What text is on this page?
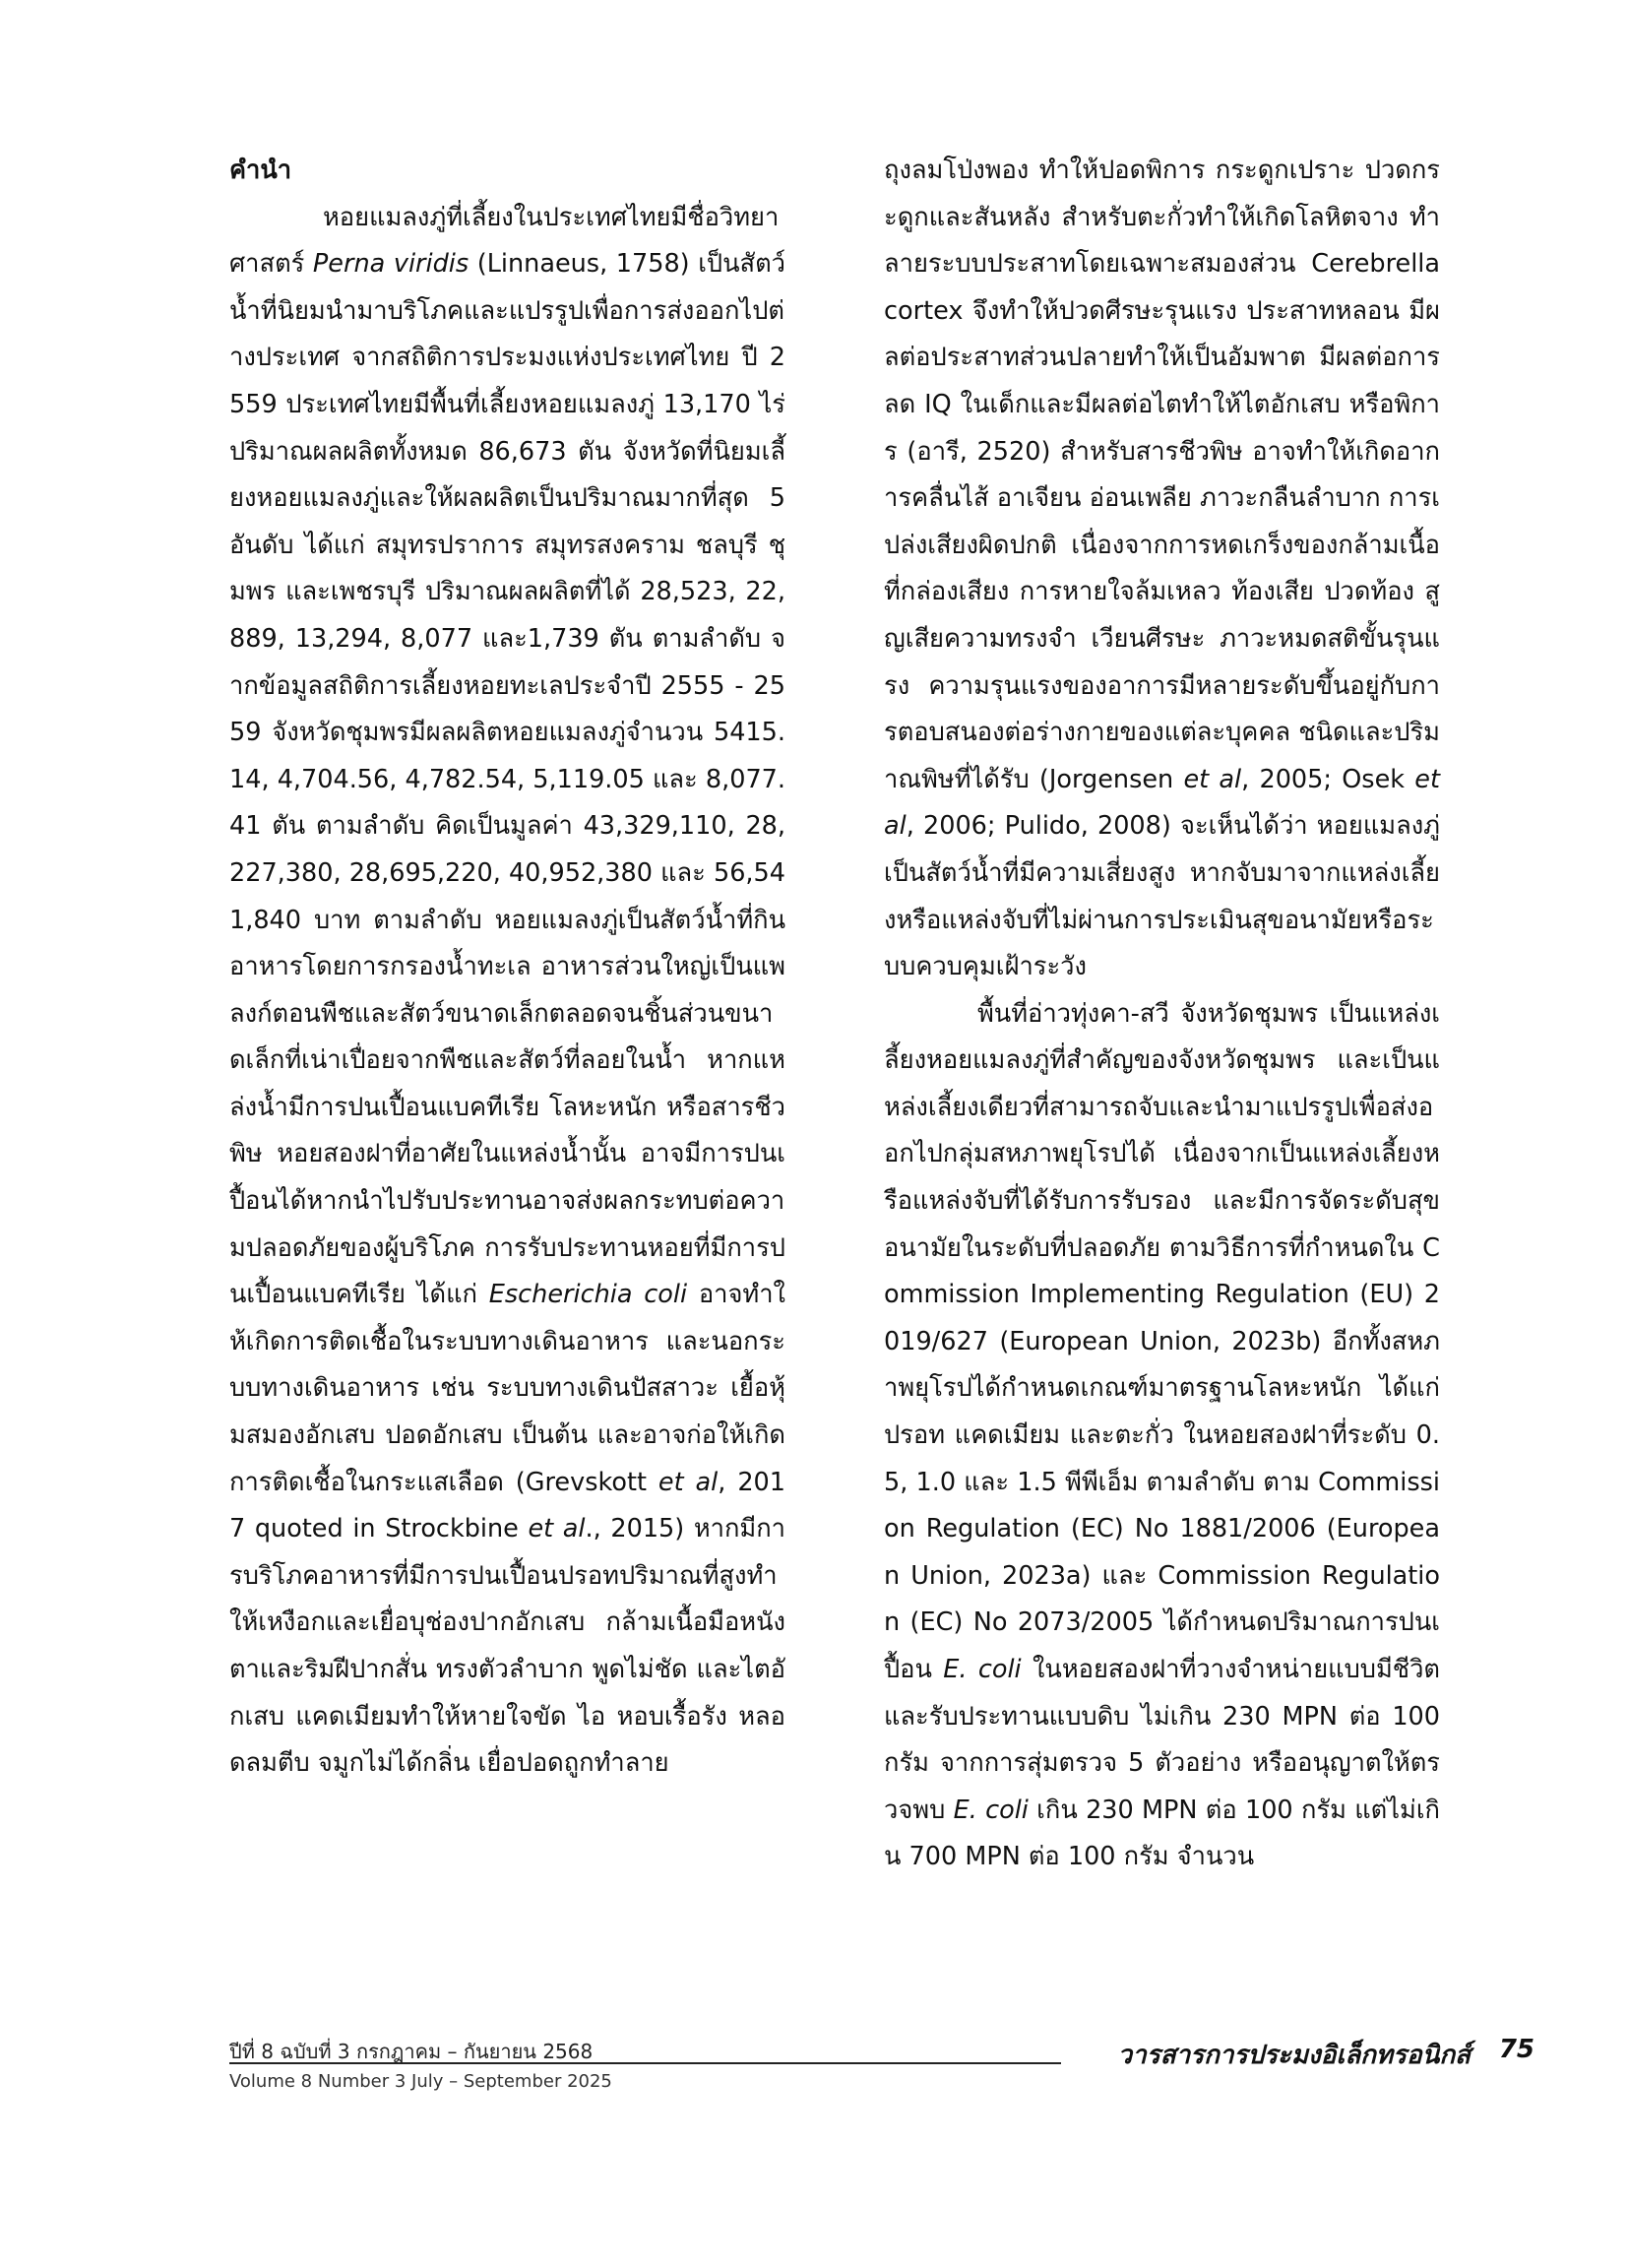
คำนำ

หอยแมลงภู่ที่เลี้ยงในประเทศไทยมีชื่อวิทยาศาสตร์ Perna viridis (Linnaeus, 1758) เป็นสัตว์น้ำที่นิยมนำมาบริโภคและแปรรูปเพื่อการส่งออกไปต่างประเทศ จากสถิติการประมงแห่งประเทศไทย ปี 2559 ประเทศไทยมีพื้นที่เลี้ยงหอยแมลงภู่ 13,170 ไร่ ปริมาณผลผลิตทั้งหมด 86,673 ตัน จังหวัดที่นิยมเลี้ยงหอยแมลงภู่และให้ผลผลิตเป็นปริมาณมากที่สุด 5 อันดับ ได้แก่ สมุทรปราการ สมุทรสงคราม ชลบุรี ชุมพร และเพชรบุรี ปริมาณผลผลิตที่ได้ 28,523, 22,889, 13,294, 8,077 และ1,739 ตัน ตามลำดับ จากข้อมูลสถิติการเลี้ยงหอยทะเลประจำปี 2555 - 2559 จังหวัดชุมพรมีผลผลิตหอยแมลงภู่จำนวน 5415.14, 4,704.56, 4,782.54, 5,119.05 และ 8,077.41 ตัน ตามลำดับ คิดเป็นมูลค่า 43,329,110, 28,227,380, 28,695,220, 40,952,380 และ 56,541,840 บาท ตามลำดับ หอยแมลงภู่เป็นสัตว์น้ำที่กินอาหารโดยการกรองน้ำทะเล อาหารส่วนใหญ่เป็นแพลงก์ตอนพืชและสัตว์ขนาดเล็กตลอดจนชิ้นส่วนขนาดเล็กที่เน่าเปื่อยจากพืชและสัตว์ที่ลอยในน้ำ หากแหล่งน้ำมีการปนเปื้อนแบคทีเรีย โลหะหนัก หรือสารชีวพิษ หอยสองฝาที่อาศัยในแหล่งน้ำนั้น อาจมีการปนเปื้อนได้หากนำไปรับประทานอาจส่งผลกระทบต่อความปลอดภัยของผู้บริโภค การรับประทานหอยที่มีการปนเปื้อนแบคทีเรีย ได้แก่ Escherichia coli อาจทำให้เกิดการติดเชื้อในระบบทางเดินอาหาร และนอกระบบทางเดินอาหาร เช่น ระบบทางเดินปัสสาวะ เยื้อหุ้มสมองอักเสบ ปอดอักเสบ เป็นต้น และอาจก่อให้เกิดการติดเชื้อในกระแสเลือด (Grevskott et al, 2017 quoted in Strockbine et al., 2015) หากมีการบริโภคอาหารที่มีการปนเปื้อนปรอทปริมาณที่สูงทำให้เหงือกและเยื่อบุช่องปากอักเสบ กล้ามเนื้อมือหนังตาและริมฝีปากสั่น ทรงตัวลำบาก พูดไม่ชัด และไตอักเสบ แคดเมียมทำให้หายใจขัด ไอ หอบเรื้อรัง หลอดลมตีบ จมูกไม่ได้กลิ่น เยื่อปอดถูกทำลาย

ถุงลมโป่งพอง ทำให้ปอดพิการ กระดูกเปราะ ปวดกระดูกและสันหลัง สำหรับตะกั่วทำให้เกิดโลหิตจาง ทำลายระบบประสาทโดยเฉพาะสมองส่วน Cerebrella cortex จึงทำให้ปวดศีรษะรุนแรง ประสาทหลอน มีผลต่อประสาทส่วนปลายทำให้เป็นอัมพาต มีผลต่อการลด IQ ในเด็กและมีผลต่อไตทำให้ไตอักเสบ หรือพิการ (อารี, 2520) สำหรับสารชีวพิษ อาจทำให้เกิดอาการคลื่นไส้ อาเจียน อ่อนเพลีย ภาวะกลืนลำบาก การเปล่งเสียงผิดปกติ เนื่องจากการหดเกร็งของกล้ามเนื้อที่กล่องเสียง การหายใจล้มเหลว ท้องเสีย ปวดท้อง สูญเสียความทรงจำ เวียนศีรษะ ภาวะหมดสติขั้นรุนแรง ความรุนแรงของอาการมีหลายระดับขึ้นอยู่กับการตอบสนองต่อร่างกายของแต่ละบุคคล ชนิดและปริมาณพิษที่ได้รับ (Jorgensen et al, 2005; Osek et al, 2006; Pulido, 2008) จะเห็นได้ว่า หอยแมลงภู่เป็นสัตว์น้ำที่มีความเสี่ยงสูง หากจับมาจากแหล่งเลี้ยงหรือแหล่งจับที่ไม่ผ่านการประเมินสุขอนามัยหรือระบบควบคุมเฝ้าระวัง

พื้นที่อ่าวทุ่งคา-สวี จังหวัดชุมพร เป็นแหล่งเลี้ยงหอยแมลงภู่ที่สำคัญของจังหวัดชุมพร และเป็นแหล่งเลี้ยงเดียวที่สามารถจับและนำมาแปรรูปเพื่อส่งออกไปกลุ่มสหภาพยุโรปได้ เนื่องจากเป็นแหล่งเลี้ยงหรือแหล่งจับที่ได้รับการรับรอง และมีการจัดระดับสุขอนามัยในระดับที่ปลอดภัย ตามวิธีการที่กำหนดใน Commission Implementing Regulation (EU) 2019/627 (European Union, 2023b) อีกทั้งสหภาพยุโรปได้กำหนดเกณฑ์มาตรฐานโลหะหนัก ได้แก่ ปรอท แคดเมียม และตะกั่ว ในหอยสองฝาที่ระดับ 0.5, 1.0 และ 1.5 พีพีเอ็ม ตามลำดับ ตาม Commission Regulation (EC) No 1881/2006 (European Union, 2023a) และ Commission Regulation (EC) No 2073/2005 ได้กำหนดปริมาณการปนเปื้อน E. coli ในหอยสองฝาที่วางจำหน่ายแบบมีชีวิตและรับประทานแบบดิบ ไม่เกิน 230 MPN ต่อ 100 กรัม จากการสุ่มตรวจ 5 ตัวอย่าง หรืออนุญาตให้ตรวจพบ E. coli เกิน 230 MPN ต่อ 100 กรัม แต่ไม่เกิน 700 MPN ต่อ 100 กรัม จำนวน

ปีที่ 8 ฉบับที่ 3 กรกฎาคม – กันยายน 2568
Volume 8 Number 3 July – September 2025
วารสารการประมงอิเล็กทรอนิกส์ 75
